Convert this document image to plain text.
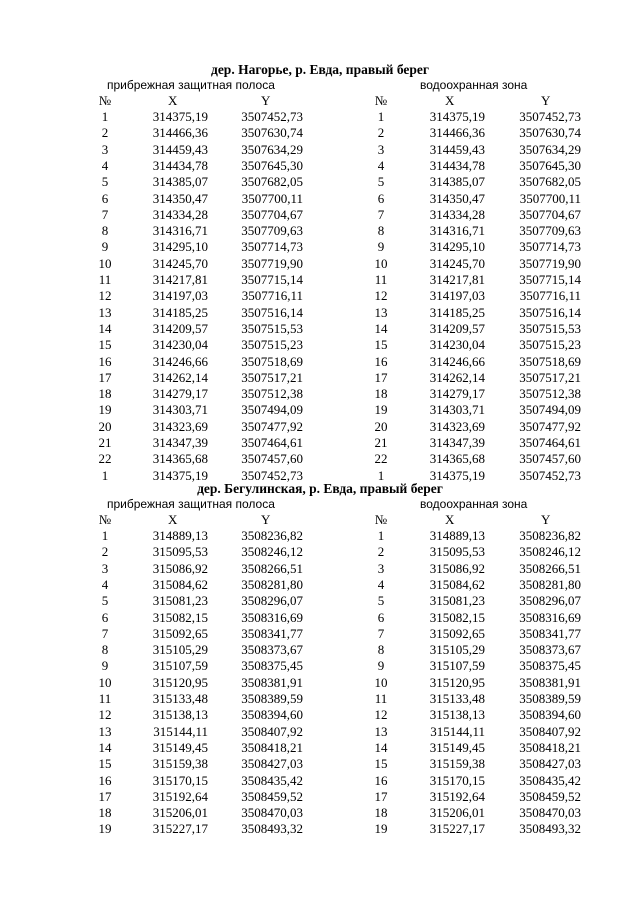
дер. Нагорье, р. Евда, правый берег
прибрежная защитная полоса	водоохранная зона
№	X	Y	№	X	Y
1	314375,19	3507452,73	1	314375,19	3507452,73
2	314466,36	3507630,74	2	314466,36	3507630,74
3	314459,43	3507634,29	3	314459,43	3507634,29
4	314434,78	3507645,30	4	314434,78	3507645,30
5	314385,07	3507682,05	5	314385,07	3507682,05
6	314350,47	3507700,11	6	314350,47	3507700,11
7	314334,28	3507704,67	7	314334,28	3507704,67
8	314316,71	3507709,63	8	314316,71	3507709,63
9	314295,10	3507714,73	9	314295,10	3507714,73
10	314245,70	3507719,90	10	314245,70	3507719,90
11	314217,81	3507715,14	11	314217,81	3507715,14
12	314197,03	3507716,11	12	314197,03	3507716,11
13	314185,25	3507516,14	13	314185,25	3507516,14
14	314209,57	3507515,53	14	314209,57	3507515,53
15	314230,04	3507515,23	15	314230,04	3507515,23
16	314246,66	3507518,69	16	314246,66	3507518,69
17	314262,14	3507517,21	17	314262,14	3507517,21
18	314279,17	3507512,38	18	314279,17	3507512,38
19	314303,71	3507494,09	19	314303,71	3507494,09
20	314323,69	3507477,92	20	314323,69	3507477,92
21	314347,39	3507464,61	21	314347,39	3507464,61
22	314365,68	3507457,60	22	314365,68	3507457,60
1	314375,19	3507452,73	1	314375,19	3507452,73
дер. Бегулинская, р. Евда, правый берег
прибрежная защитная полоса	водоохранная зона
№	X	Y	№	X	Y
1	314889,13	3508236,82	1	314889,13	3508236,82
2	315095,53	3508246,12	2	315095,53	3508246,12
3	315086,92	3508266,51	3	315086,92	3508266,51
4	315084,62	3508281,80	4	315084,62	3508281,80
5	315081,23	3508296,07	5	315081,23	3508296,07
6	315082,15	3508316,69	6	315082,15	3508316,69
7	315092,65	3508341,77	7	315092,65	3508341,77
8	315105,29	3508373,67	8	315105,29	3508373,67
9	315107,59	3508375,45	9	315107,59	3508375,45
10	315120,95	3508381,91	10	315120,95	3508381,91
11	315133,48	3508389,59	11	315133,48	3508389,59
12	315138,13	3508394,60	12	315138,13	3508394,60
13	315144,11	3508407,92	13	315144,11	3508407,92
14	315149,45	3508418,21	14	315149,45	3508418,21
15	315159,38	3508427,03	15	315159,38	3508427,03
16	315170,15	3508435,42	16	315170,15	3508435,42
17	315192,64	3508459,52	17	315192,64	3508459,52
18	315206,01	3508470,03	18	315206,01	3508470,03
19	315227,17	3508493,32	19	315227,17	3508493,32
